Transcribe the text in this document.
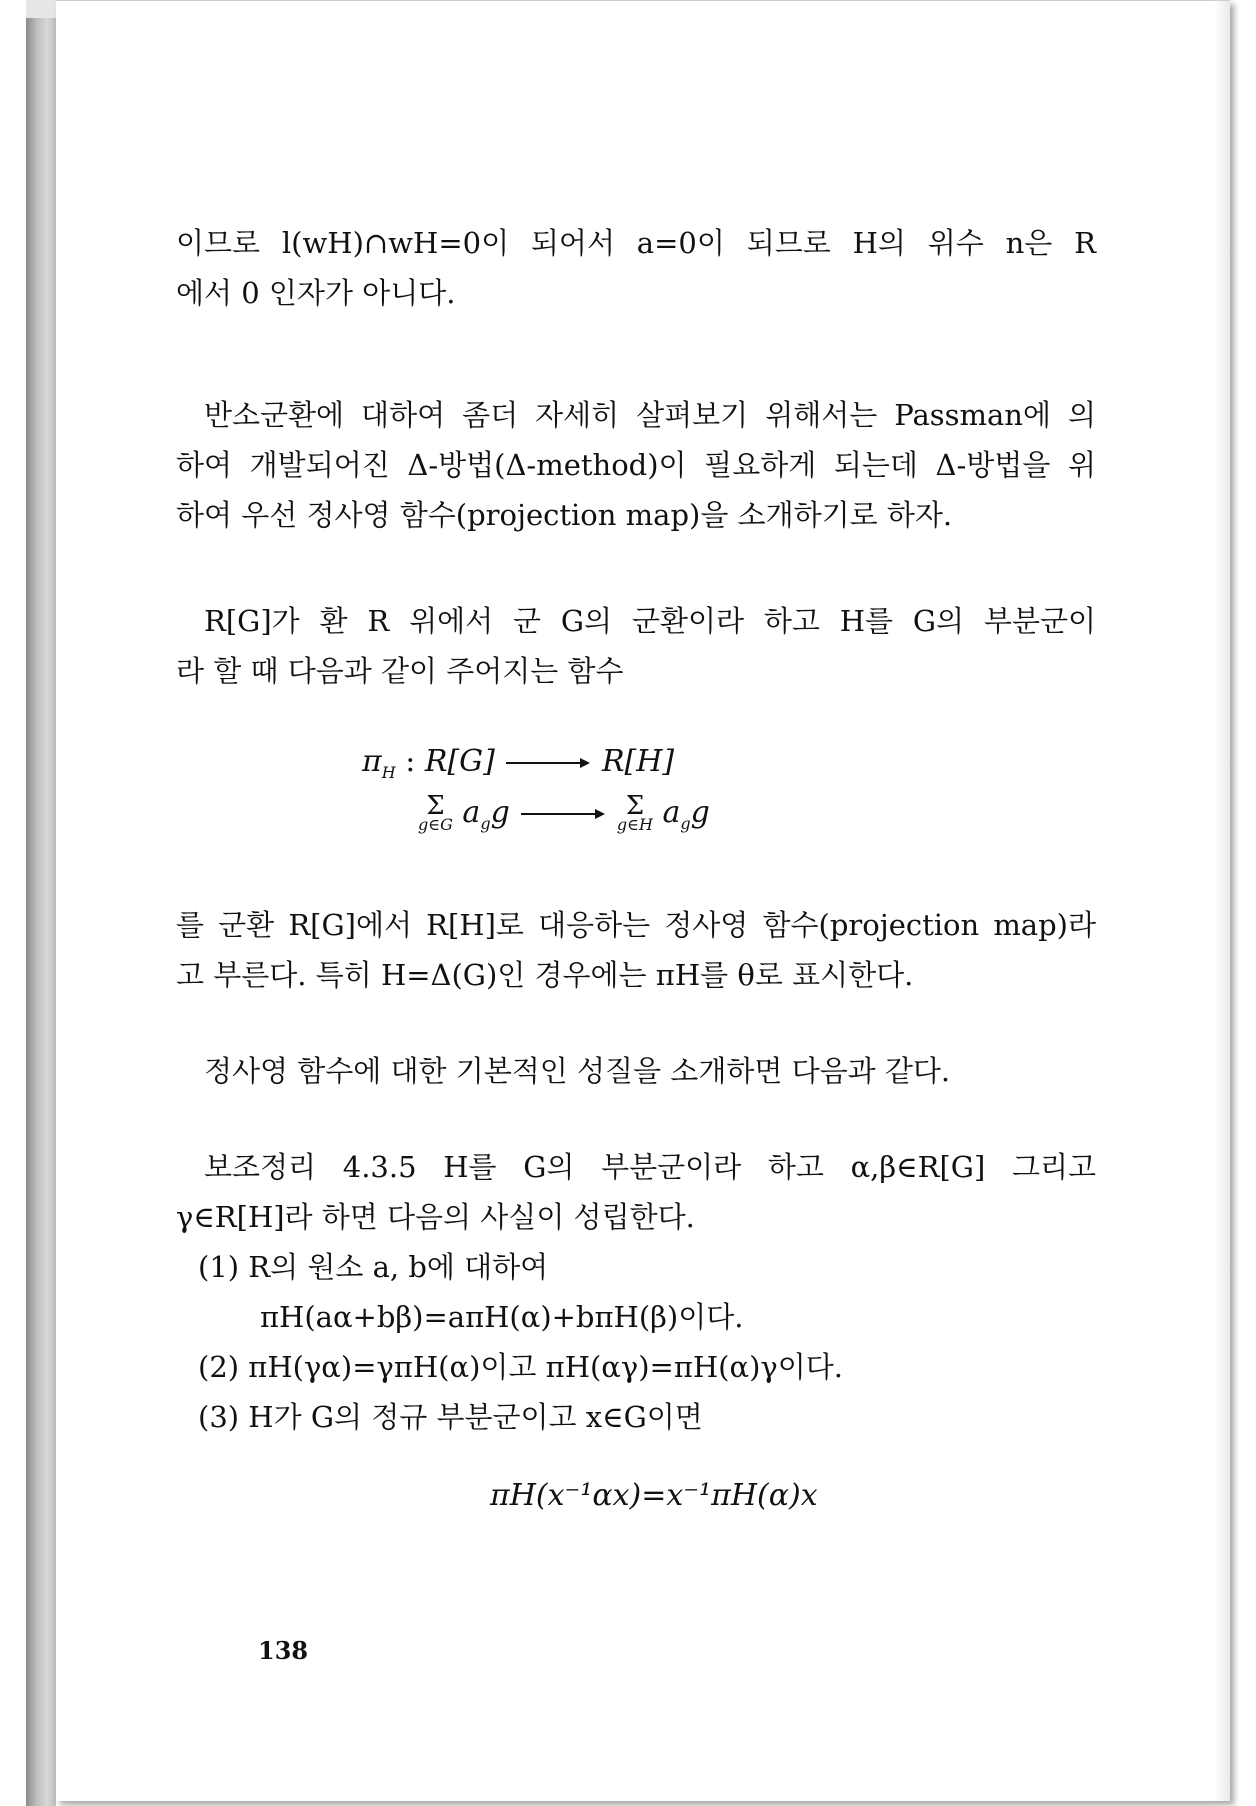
이므로 l(wH)∩wH=0이 되어서 a=0이 되므로 H의 위수 n은 R
에서 0 인자가 아니다.
반소군환에 대하여 좀더 자세히 살펴보기 위해서는 Passman에 의
하여 개발되어진 Δ-방법(Δ-method)이 필요하게 되는데 Δ-방법을 위
하여 우선 정사영 함수(projection map)을 소개하기로 하자.
R[G]가 환 R 위에서 군 G의 군환이라 하고 H를 G의 부분군이
라 할 때 다음과 같이 주어지는 함수
$\pi_H$ : R[G]	R[H]
Σ
g∈G $a_gg$	Σ
g∈H $a_gg$
를 군환 R[G]에서 R[H]로 대응하는 정사영 함수(projection map)라
고 부른다. 특히 H=Δ(G)인 경우에는 πH를 θ로 표시한다.
정사영 함수에 대한 기본적인 성질을 소개하면 다음과 같다.
보조정리 4.3.5 H를 G의 부분군이라 하고 α,β∈R[G] 그리고
γ∈R[H]라 하면 다음의 사실이 성립한다.
(1) R의 원소 a, b에 대하여
πH(aα+bβ)=aπH(α)+bπH(β)이다.
(2) πH(γα)=γπH(α)이고 πH(αγ)=πH(α)γ이다.
(3) H가 G의 정규 부분군이고 x∈G이면
πH(x⁻¹αx)=x⁻¹πH(α)x
138
